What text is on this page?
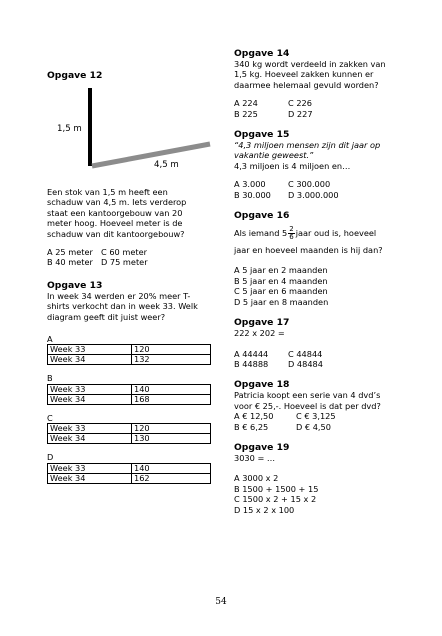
Opgave 12
1,5 m
4,5 m
Een stok van 1,5 m heeft een
schaduw van 4,5 m. Iets verderop
staat een kantoorgebouw van 20
meter hoog. Hoeveel meter is de
schaduw van dit kantoorgebouw?
A 25 meter C 60 meter
B 40 meter D 75 meter
Opgave 13
In week 34 werden er 20% meer T-
shirts verkocht dan in week 33. Welk
diagram geeft dit juist weer?
A
Week 33	120
Week 34	132
B
Week 33	140
Week 34	168
C
Week 33	120
Week 34	130
D
Week 33	140
Week 34	162
Opgave 14
340 kg wordt verdeeld in zakken van
1,5 kg. Hoeveel zakken kunnen er
daarmee helemaal gevuld worden?
A 224	C 226
B 225	D 227
Opgave 15
“4,3 miljoen mensen zijn dit jaar op
vakantie geweest.”
4,3 miljoen is 4 miljoen en…
A 3.000	C 300.000
B 30.000	D 3.000.000
Opgave 16
Als iemand $5 \frac{2}{6}$ jaar oud is, hoeveel
jaar en hoeveel maanden is hij dan?
A 5 jaar en 2 maanden
B 5 jaar en 4 maanden
C 5 jaar en 6 maanden
D 5 jaar en 8 maanden
Opgave 17
222 x 202 =
A 44444	C 44844
B 44888	D 48484
Opgave 18
Patricia koopt een serie van 4 dvd’s
voor € 25,-. Hoeveel is dat per dvd?
A € 12,50	C € 3,125
B € 6,25	D € 4,50
Opgave 19
3030 = …
A 3000 x 2
B 1500 + 1500 + 15
C 1500 x 2 + 15 x 2
D 15 x 2 x 100
54
